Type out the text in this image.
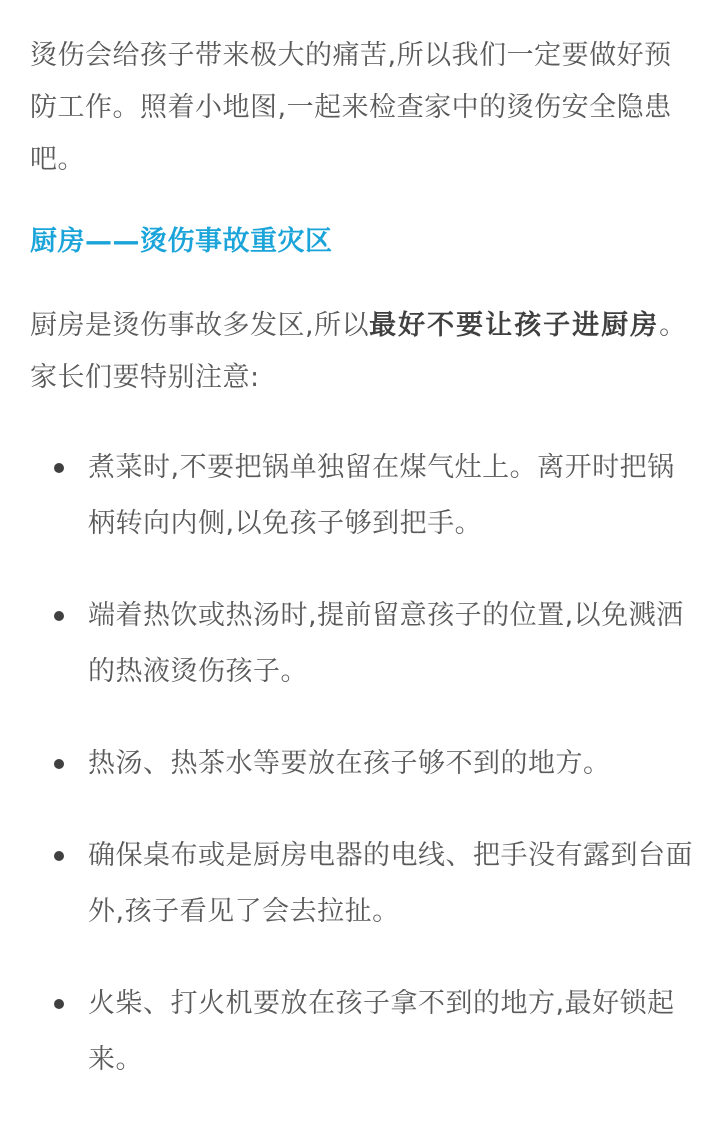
烫伤会给孩子带来极大的痛苦,所以我们一定要做好预防工作。照着小地图,一起来检查家中的烫伤安全隐患吧。

厨房——烫伤事故重灾区

厨房是烫伤事故多发区,所以最好不要让孩子进厨房。家长们要特别注意:

煮菜时,不要把锅单独留在煤气灶上。离开时把锅柄转向内侧,以免孩子够到把手。
端着热饮或热汤时,提前留意孩子的位置,以免溅洒的热液烫伤孩子。
热汤、热茶水等要放在孩子够不到的地方。
确保桌布或是厨房电器的电线、把手没有露到台面外,孩子看见了会去拉扯。
火柴、打火机要放在孩子拿不到的地方,最好锁起来。
